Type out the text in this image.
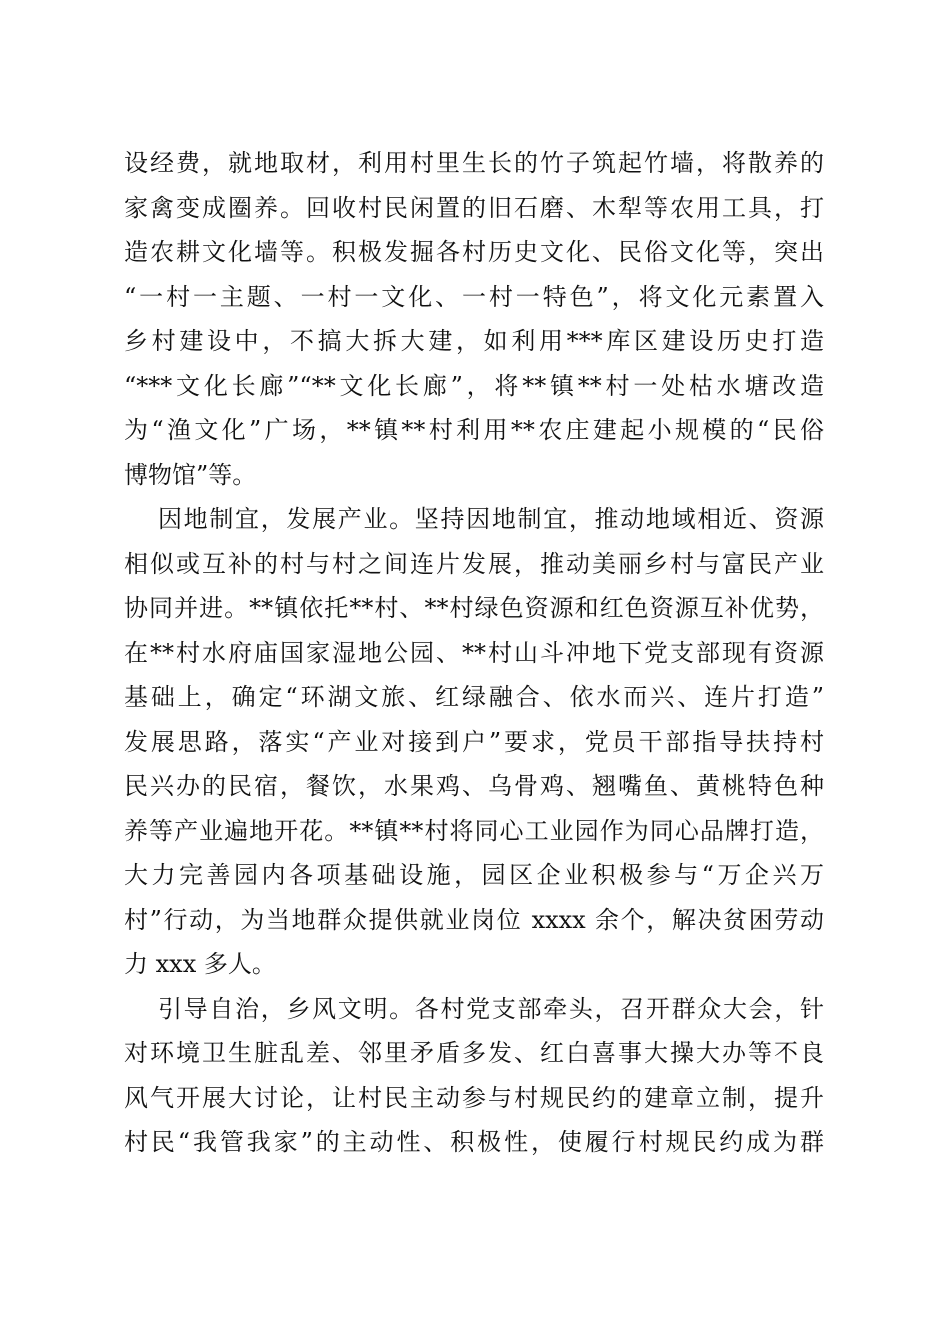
设经费，就地取材，利用村里生长的竹子筑起竹墙，将散养的
家禽变成圈养。回收村民闲置的旧石磨、木犁等农用工具，打
造农耕文化墙等。积极发掘各村历史文化、民俗文化等，突出
“一村一主题、一村一文化、一村一特色”，将文化元素置入
乡村建设中，不搞大拆大建，如利用***库区建设历史打造
“***文化长廊”“**文化长廊”，将**镇**村一处枯水塘改造
为“渔文化”广场，**镇**村利用**农庄建起小规模的“民俗
博物馆”等。
因地制宜，发展产业。坚持因地制宜，推动地域相近、资源
相似或互补的村与村之间连片发展，推动美丽乡村与富民产业
协同并进。**镇依托**村、**村绿色资源和红色资源互补优势，
在**村水府庙国家湿地公园、**村山斗冲地下党支部现有资源
基础上，确定“环湖文旅、红绿融合、依水而兴、连片打造”
发展思路，落实“产业对接到户”要求，党员干部指导扶持村
民兴办的民宿，餐饮，水果鸡、乌骨鸡、翘嘴鱼、黄桃特色种
养等产业遍地开花。**镇**村将同心工业园作为同心品牌打造，
大力完善园内各项基础设施，园区企业积极参与“万企兴万
村”行动，为当地群众提供就业岗位 xxxx 余个，解决贫困劳动
力 xxx 多人。
引导自治，乡风文明。各村党支部牵头，召开群众大会，针
对环境卫生脏乱差、邻里矛盾多发、红白喜事大操大办等不良
风气开展大讨论，让村民主动参与村规民约的建章立制，提升
村民“我管我家”的主动性、积极性，使履行村规民约成为群
